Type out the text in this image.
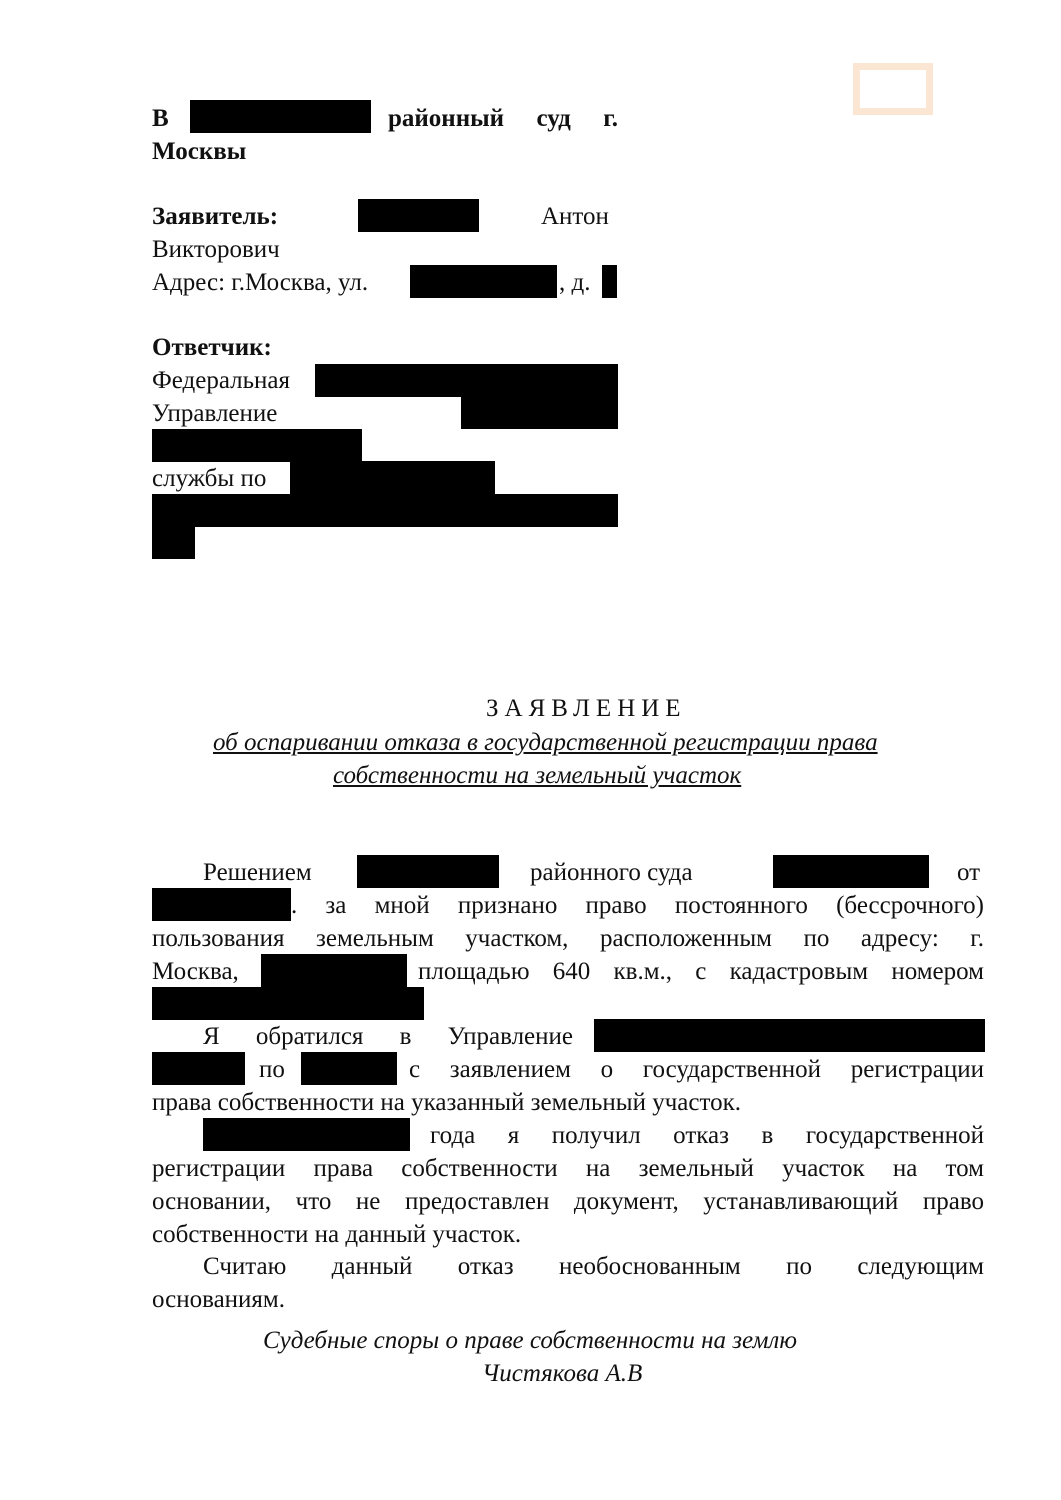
В	районный суд г.
Москвы
Заявитель:	Антон
Викторович
Адрес: г.Москва, ул.	, д.
Ответчик:
Федеральная
Управление
службы по
ЗАЯВЛЕНИЕ
об оспаривании отказа в государственной регистрации права
собственности на земельный участок
Решением	районного суда	от
. за мной признано право постоянного (бессрочного)
пользования земельным участком, расположенным по адресу: г.
Москва,	площадью 640 кв.м., с кадастровым номером
Я обратился в Управление
по	с заявлением о государственной регистрации
права собственности на указанный земельный участок.
года я получил отказ в государственной
регистрации права собственности на земельный участок на том
основании, что не предоставлен документ, устанавливающий право
собственности на данный участок.
Считаю данный отказ необоснованным по следующим
основаниям.
Судебные споры о праве собственности на землю
Чистякова А.В
